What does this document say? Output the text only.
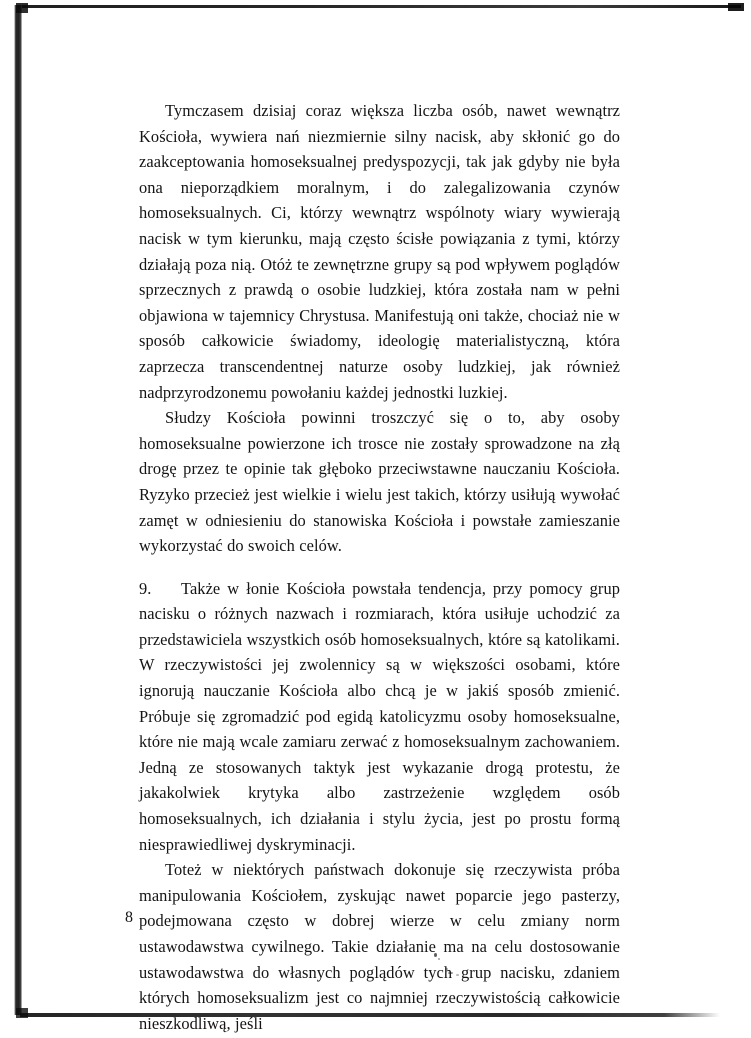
Tymczasem dzisiaj coraz większa liczba osób, nawet wewnątrz Kościoła, wywiera nań niezmiernie silny nacisk, aby skłonić go do zaakceptowania homoseksualnej predyspozycji, tak jak gdyby nie była ona nieporządkiem moralnym, i do zalegalizowania czynów homoseksualnych. Ci, którzy wewnątrz wspólnoty wiary wywierają nacisk w tym kierunku, mają często ścisłe powiązania z tymi, którzy działają poza nią. Otóż te zewnętrzne grupy są pod wpływem poglądów sprzecznych z prawdą o osobie ludzkiej, która została nam w pełni objawiona w tajemnicy Chrystusa. Manifestują oni także, chociaż nie w sposób całkowicie świadomy, ideologię materialistyczną, która zaprzecza transcendentnej naturze osoby ludzkiej, jak również nadprzyrodzonemu powołaniu każdej jednostki luzkiej.

Słudzy Kościoła powinni troszczyć się o to, aby osoby homoseksualne powierzone ich trosce nie zostały sprowadzone na złą drogę przez te opinie tak głęboko przeciwstawne nauczaniu Kościoła. Ryzyko przecież jest wielkie i wielu jest takich, którzy usiłują wywołać zamęt w odniesieniu do stanowiska Kościoła i powstałe zamieszanie wykorzystać do swoich celów.

9. Także w łonie Kościoła powstała tendencja, przy pomocy grup nacisku o różnych nazwach i rozmiarach, która usiłuje uchodzić za przedstawiciela wszystkich osób homoseksualnych, które są katolikami. W rzeczywistości jej zwolennicy są w większości osobami, które ignorują nauczanie Kościoła albo chcą je w jakiś sposób zmienić. Próbuje się zgromadzić pod egidą katolicyzmu osoby homoseksualne, które nie mają wcale zamiaru zerwać z homoseksualnym zachowaniem. Jedną ze stosowanych taktyk jest wykazanie drogą protestu, że jakakolwiek krytyka albo zastrzeżenie względem osób homoseksualnych, ich działania i stylu życia, jest po prostu formą niesprawiedliwej dyskryminacji.

Toteż w niektórych państwach dokonuje się rzeczywista próba manipulowania Kościołem, zyskując nawet poparcie jego pasterzy, podejmowana często w dobrej wierze w celu zmiany norm ustawodawstwa cywilnego. Takie działanie ma na celu dostosowanie ustawodawstwa do własnych poglądów tych grup nacisku, zdaniem których homoseksualizm jest co najmniej rzeczywistością całkowicie nieszkodliwą, jeśli

8
